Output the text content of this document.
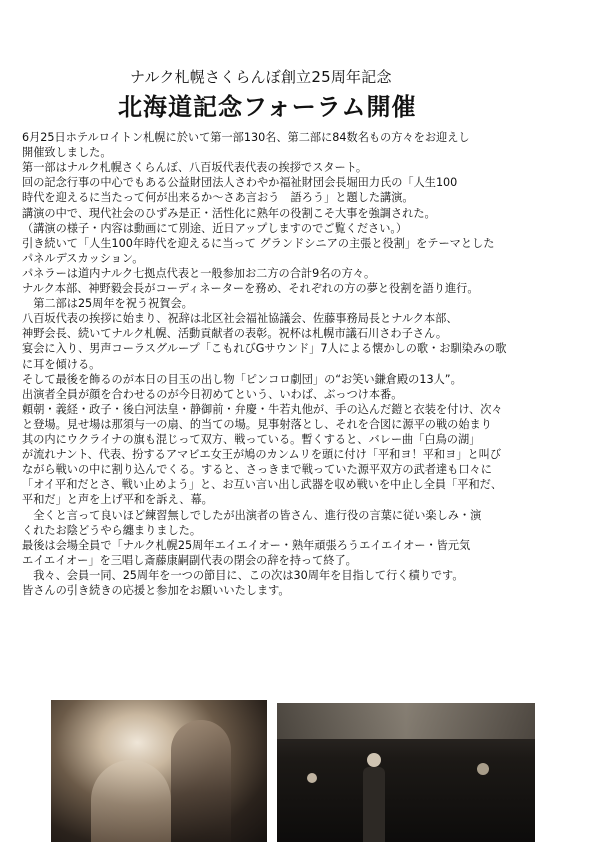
ナルク札幌さくらんぼ創立25周年記念
北海道記念フォーラム開催
6月25日ホテルロイトン札幌に於いて第一部130名、第二部に84数名もの方々をお迎えし
開催致しました。
第一部はナルク札幌さくらんぼ、八百坂代表代表の挨拶でスタート。
回の記念行事の中心でもある公益財団法人さわやか福祉財団会長堀田力氏の「人生100
時代を迎えるに当たって何が出来るか～さあ言おう　語ろう」と題した講演。
講演の中で、現代社会のひずみ是正・活性化に熟年の役割こそ大事を強調された。
（講演の様子・内容は動画にて別途、近日アップしますのでご覧ください。）
引き続いて「人生100年時代を迎えるに当って グランドシニアの主張と役割」をテーマとした
パネルデスカッション。
パネラーは道内ナルク七拠点代表と一般参加お二方の合計9名の方々。
ナルク本部、神野毅会長がコーディネーターを務め、それぞれの方の夢と役割を語り進行。
　第二部は25周年を祝う祝賀会。
八百坂代表の挨拶に始まり、祝辞は北区社会福祉協議会、佐藤事務局長とナルク本部、
神野会長、続いてナルク札幌、活動貢献者の表彰。祝杯は札幌市議石川さわ子さん。
宴会に入り、男声コーラスグループ「こもれびGサウンド」7人による懐かしの歌・お馴染みの歌
に耳を傾ける。
そして最後を飾るのが本日の目玉の出し物「ピンコロ劇団」の“お笑い鎌倉殿の13人”。
出演者全員が顔を合わせるのが今日初めてという、いわば、ぶっつけ本番。
頼朝・義経・政子・後白河法皇・静御前・弁慶・牛若丸他が、手の込んだ鎧と衣装を付け、次々
と登場。見せ場は那須与一の扇、的当ての場。見事射落とし、それを合図に源平の戦の始まり
其の内にウクライナの旗も混じって双方、戦っている。暫くすると、バレー曲「白鳥の湖」
が流れナント、代表、扮するアマビエ女王が鳩のカンムリを頭に付け「平和ヨ！平和ヨ」と叫び
ながら戦いの中に割り込んでくる。すると、さっきまで戦っていた源平双方の武者達も口々に
「オイ平和だとさ、戦い止めよう」と、お互い言い出し武器を収め戦いを中止し全員「平和だ、
平和だ」と声を上げ平和を訴え、幕。
　全くと言って良いほど練習無しでしたが出演者の皆さん、進行役の言葉に従い楽しみ・演
くれたお陰どうやら纏まりました。
最後は会場全員で「ナルク札幌25周年エイエイオー・熟年頑張ろうエイエイオー・皆元気
エイエイオー」を三唱し斎藤康嗣副代表の閉会の辞を持って終了。
　我々、会員一同、25周年を一つの節目に、この次は30周年を目指して行く積りです。
皆さんの引き続きの応援と参加をお願いいたします。
